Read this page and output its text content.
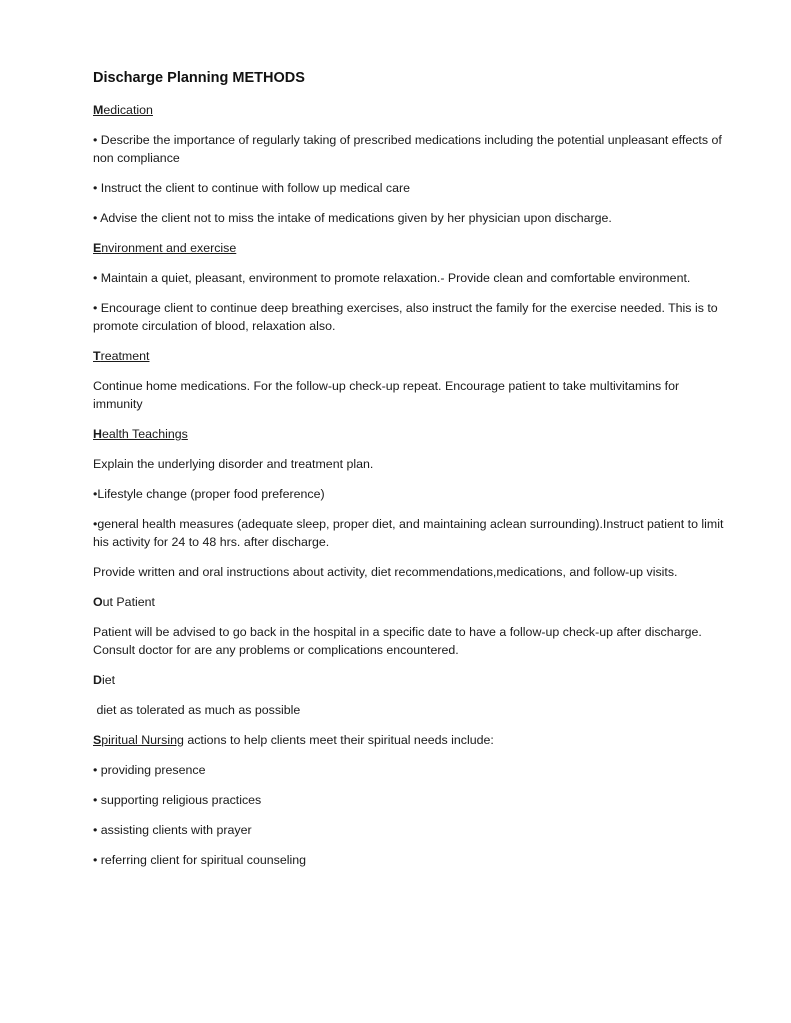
Discharge Planning METHODS
Medication

• Describe the importance of regularly taking of prescribed medications including the potential unpleasant effects of non compliance

• Instruct the client to continue with follow up medical care

• Advise the client not to miss the intake of medications given by her physician upon discharge.

Environment and exercise

• Maintain a quiet, pleasant, environment to promote relaxation.- Provide clean and comfortable environment.

• Encourage client to continue deep breathing exercises, also instruct the family for the exercise needed. This is to promote circulation of blood, relaxation also.

Treatment

Continue home medications. For the follow-up check-up repeat. Encourage patient to take multivitamins for immunity

Health Teachings

Explain the underlying disorder and treatment plan.

•Lifestyle change (proper food preference)

•general health measures (adequate sleep, proper diet, and maintaining aclean surrounding).Instruct patient to limit his activity for 24 to 48 hrs. after discharge.

Provide written and oral instructions about activity, diet recommendations,medications, and follow-up visits.

Out Patient

Patient will be advised to go back in the hospital in a specific date to have a follow-up check-up after discharge. Consult doctor for are any problems or complications encountered.

Diet

diet as tolerated as much as possible

Spiritual Nursing actions to help clients meet their spiritual needs include:

• providing presence

• supporting religious practices

• assisting clients with prayer

• referring client for spiritual counseling
